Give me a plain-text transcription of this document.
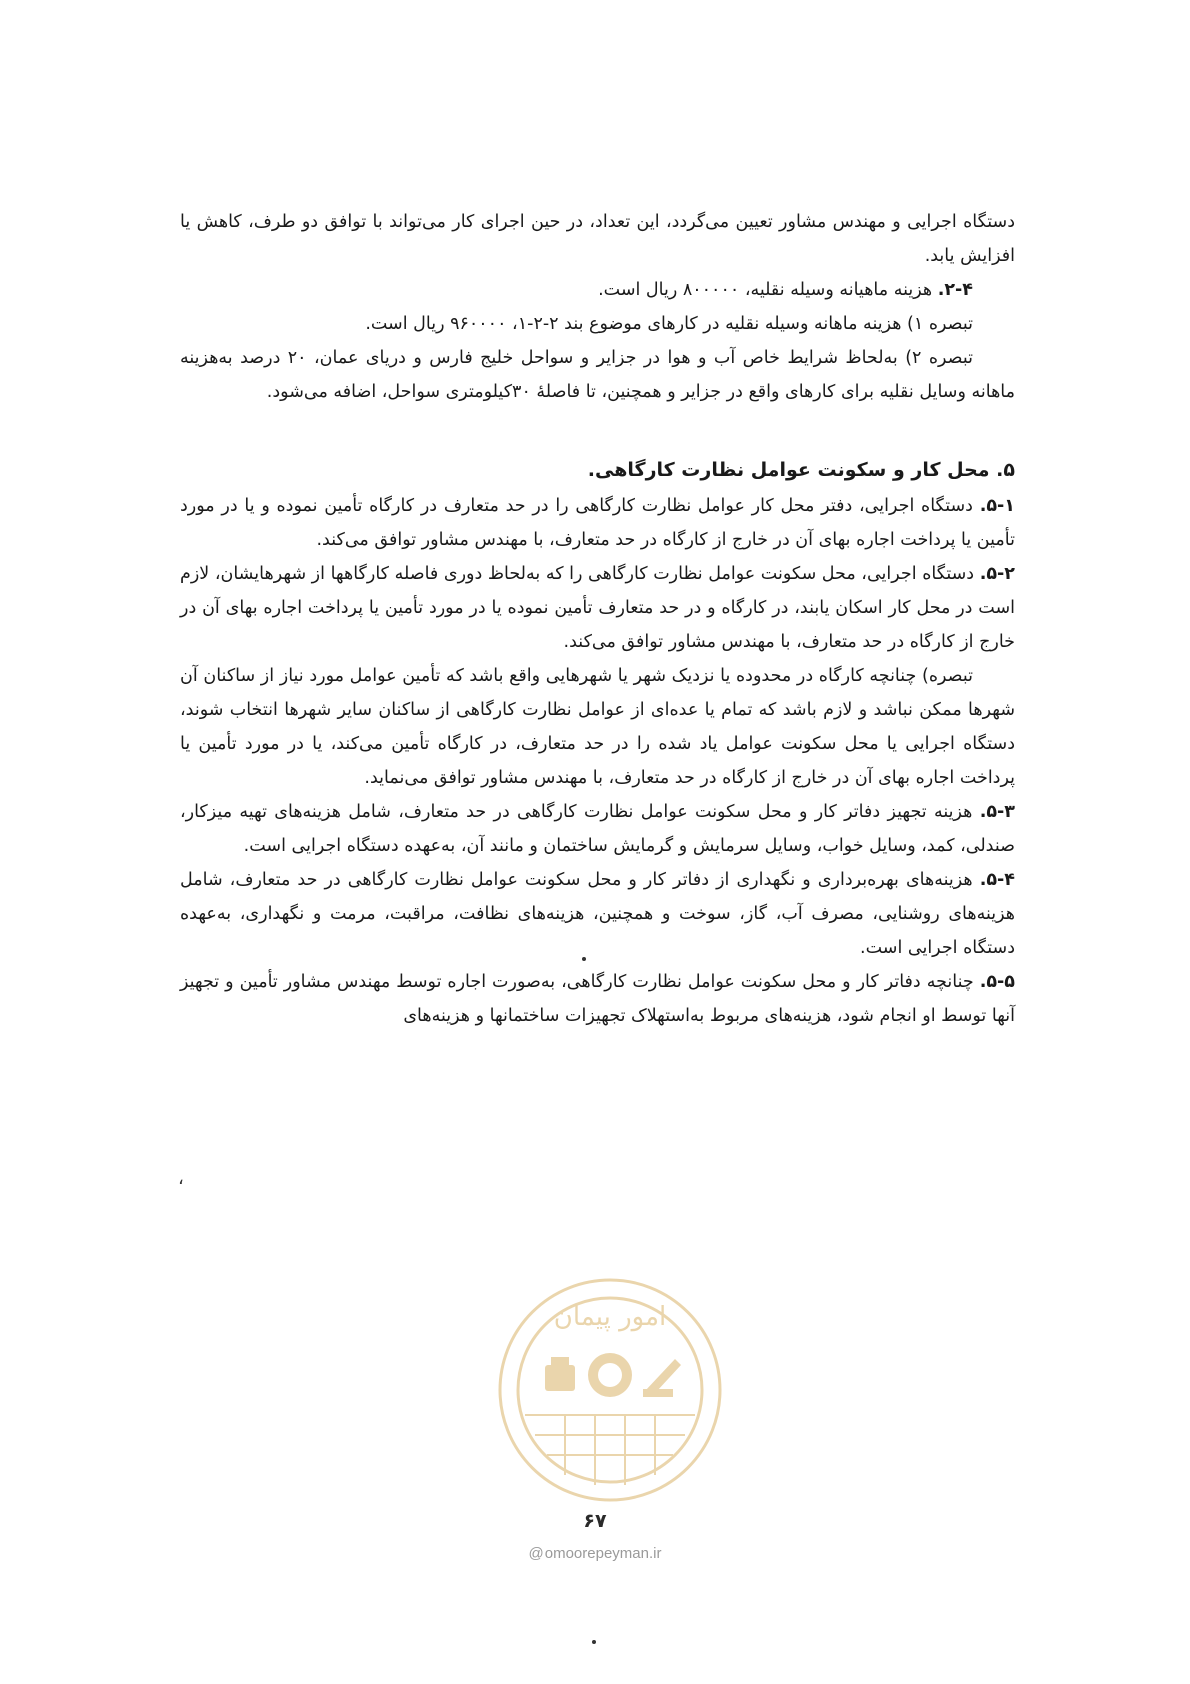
دستگاه اجرایی و مهندس مشاور تعیین می‌گردد، این تعداد، در حین اجرای کار می‌تواند با توافق دو طرف، کاهش یا افزایش یابد.

۲-۴. هزینه ماهیانه وسیله نقلیه، ۸۰۰۰۰۰ ریال است.

تبصره ۱) هزینه ماهانه وسیله نقلیه در کارهای موضوع بند ۲-۲-۱، ۹۶۰۰۰۰ ریال است.

تبصره ۲) به‌لحاظ شرایط خاص آب و هوا در جزایر و سواحل خلیج فارس و دریای عمان، ۲۰ درصد به‌هزینه ماهانه وسایل نقلیه برای کارهای واقع در جزایر و همچنین، تا فاصلهٔ ۳۰کیلومتری سواحل، اضافه می‌شود.

۵. محل کار و سکونت عوامل نظارت کارگاهی.

۵-۱. دستگاه اجرایی، دفتر محل کار عوامل نظارت کارگاهی را در حد متعارف در کارگاه تأمین نموده و یا در مورد تأمین یا پرداخت اجاره بهای آن در خارج از کارگاه در حد متعارف، با مهندس مشاور توافق می‌کند.

۵-۲. دستگاه اجرایی، محل سکونت عوامل نظارت کارگاهی را که به‌لحاظ دوری فاصله کارگاهها از شهرهایشان، لازم است در محل کار اسکان یابند، در کارگاه و در حد متعارف تأمین نموده یا در مورد تأمین یا پرداخت اجاره بهای آن در خارج از کارگاه در حد متعارف، با مهندس مشاور توافق می‌کند.

تبصره) چنانچه کارگاه در محدوده یا نزدیک شهر یا شهرهایی واقع باشد که تأمین عوامل مورد نیاز از ساکنان آن شهرها ممکن نباشد و لازم باشد که تمام یا عده‌ای از عوامل نظارت کارگاهی از ساکنان سایر شهرها انتخاب شوند، دستگاه اجرایی یا محل سکونت عوامل یاد شده را در حد متعارف، در کارگاه تأمین می‌کند، یا در مورد تأمین یا پرداخت اجاره بهای آن در خارج از کارگاه در حد متعارف، با مهندس مشاور توافق می‌نماید.

۵-۳. هزینه تجهیز دفاتر کار و محل سکونت عوامل نظارت کارگاهی در حد متعارف، شامل هزینه‌های تهیه میزکار، صندلی، کمد، وسایل خواب، وسایل سرمایش و گرمایش ساختمان و مانند آن، به‌عهده دستگاه اجرایی است.

۵-۴. هزینه‌های بهره‌برداری و نگهداری از دفاتر کار و محل سکونت عوامل نظارت کارگاهی در حد متعارف، شامل هزینه‌های روشنایی، مصرف آب، گاز، سوخت و همچنین، هزینه‌های نظافت، مراقبت، مرمت و نگهداری، به‌عهده دستگاه اجرایی است.

۵-۵. چنانچه دفاتر کار و محل سکونت عوامل نظارت کارگاهی، به‌صورت اجاره توسط مهندس مشاور تأمین و تجهیز آنها توسط او انجام شود، هزینه‌های مربوط به‌استهلاک تجهیزات ساختمانها و هزینه‌های

،
امور پیمان
۶۷
@omoorepeyman.ir
